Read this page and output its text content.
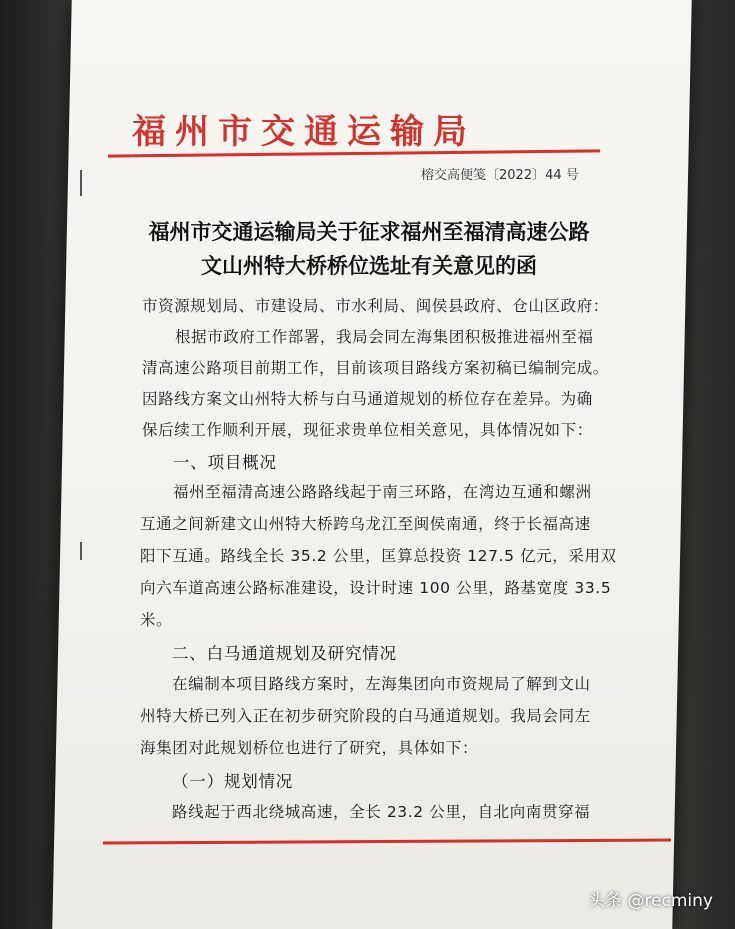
福州市交通运输局
榕交高便笺〔2022〕44 号
福州市交通运输局关于征求福州至福清高速公路
文山州特大桥桥位选址有关意见的函
市资源规划局、市建设局、市水利局、闽侯县政府、仓山区政府：
根据市政府工作部署，我局会同左海集团积极推进福州至福
清高速公路项目前期工作，目前该项目路线方案初稿已编制完成。
因路线方案文山州特大桥与白马通道规划的桥位存在差异。为确
保后续工作顺利开展，现征求贵单位相关意见，具体情况如下：
一、项目概况
福州至福清高速公路路线起于南三环路，在湾边互通和螺洲
互通之间新建文山州特大桥跨乌龙江至闽侯南通，终于长福高速
阳下互通。路线全长 35.2 公里，匡算总投资 127.5 亿元，采用双
向六车道高速公路标准建设，设计时速 100 公里，路基宽度 33.5
米。
二、白马通道规划及研究情况
在编制本项目路线方案时，左海集团向市资规局了解到文山
州特大桥已列入正在初步研究阶段的白马通道规划。我局会同左
海集团对此规划桥位也进行了研究，具体如下：
（一）规划情况
路线起于西北绕城高速，全长 23.2 公里，自北向南贯穿福
头条 @recminy
